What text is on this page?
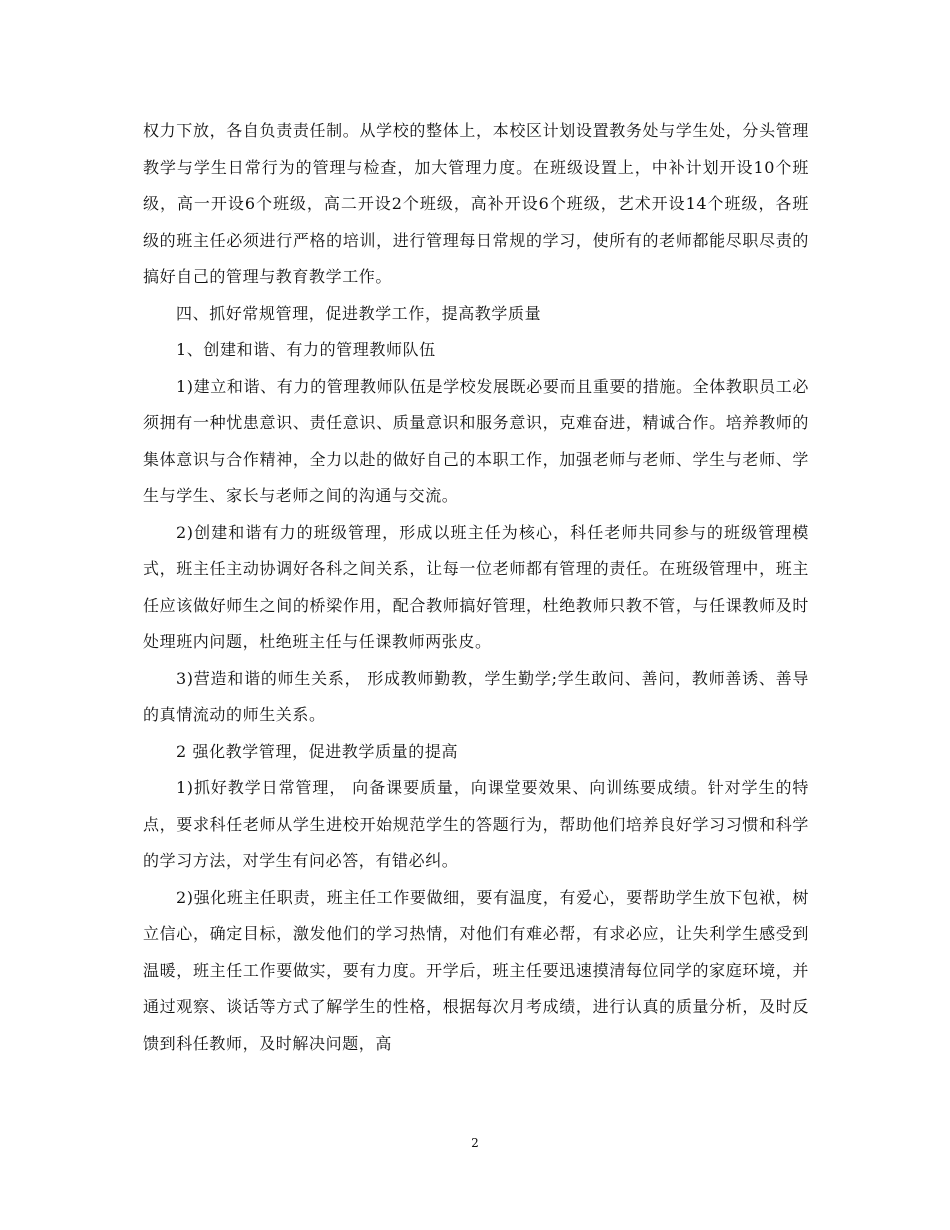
权力下放，各自负责责任制。从学校的整体上，本校区计划设置教务处与学生处，分头管理教学与学生日常行为的管理与检查，加大管理力度。在班级设置上，中补计划开设10个班级，高一开设6个班级，高二开设2个班级，高补开设6个班级，艺术开设14个班级，各班级的班主任必须进行严格的培训，进行管理每日常规的学习，使所有的老师都能尽职尽责的搞好自己的管理与教育教学工作。

四、抓好常规管理，促进教学工作，提高教学质量

1、创建和谐、有力的管理教师队伍

1)建立和谐、有力的管理教师队伍是学校发展既必要而且重要的措施。全体教职员工必须拥有一种忧患意识、责任意识、质量意识和服务意识，克难奋进，精诚合作。培养教师的集体意识与合作精神，全力以赴的做好自己的本职工作，加强老师与老师、学生与老师、学生与学生、家长与老师之间的沟通与交流。

2)创建和谐有力的班级管理，形成以班主任为核心，科任老师共同参与的班级管理模式，班主任主动协调好各科之间关系，让每一位老师都有管理的责任。在班级管理中，班主任应该做好师生之间的桥梁作用，配合教师搞好管理，杜绝教师只教不管，与任课教师及时处理班内问题，杜绝班主任与任课教师两张皮。

3)营造和谐的师生关系， 形成教师勤教，学生勤学;学生敢问、善问，教师善诱、善导的真情流动的师生关系。

2 强化教学管理，促进教学质量的提高

1)抓好教学日常管理， 向备课要质量，向课堂要效果、向训练要成绩。针对学生的特点，要求科任老师从学生进校开始规范学生的答题行为，帮助他们培养良好学习习惯和科学的学习方法，对学生有问必答，有错必纠。

2)强化班主任职责，班主任工作要做细，要有温度，有爱心，要帮助学生放下包袱，树立信心，确定目标，激发他们的学习热情，对他们有难必帮，有求必应，让失利学生感受到温暖，班主任工作要做实，要有力度。开学后，班主任要迅速摸清每位同学的家庭环境，并通过观察、谈话等方式了解学生的性格，根据每次月考成绩，进行认真的质量分析，及时反馈到科任教师，及时解决问题，高

2
